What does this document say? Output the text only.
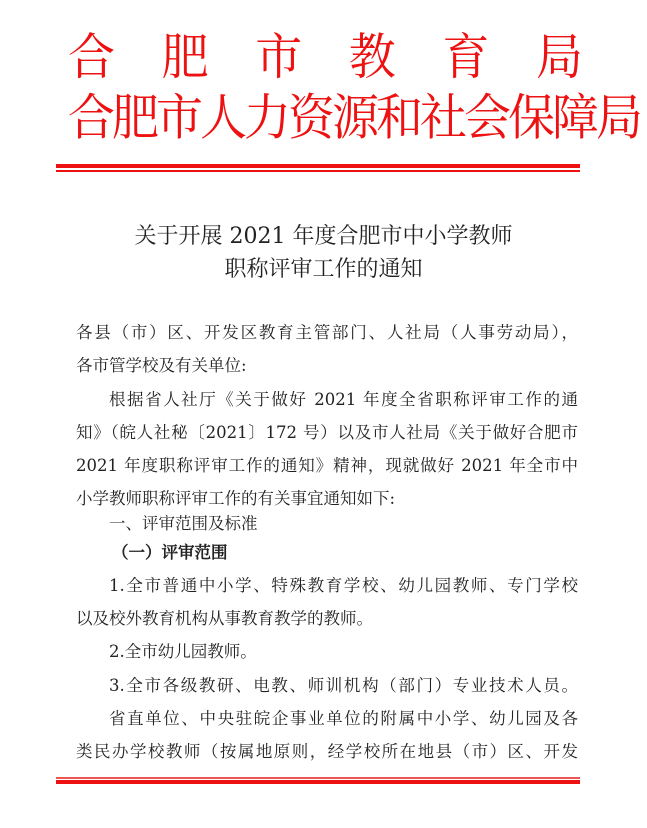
合 肥 市 教 育 局
合
肥
市
人
力
资
源
和
社
会
保
障
局
关于开展 2021 年度合肥市中小学教师
职称评审工作的通知
各县（市）区、开发区教育主管部门、人社局（人事劳动局），
各市管学校及有关单位:
根据省人社厅《关于做好 2021 年度全省职称评审工作的通
知》（皖人社秘〔2021〕172 号）以及市人社局《关于做好合肥市
2021 年度职称评审工作的通知》精神，现就做好 2021 年全市中
小学教师职称评审工作的有关事宜通知如下:
一、评审范围及标准
（一）评审范围
1.全市普通中小学、特殊教育学校、幼儿园教师、专门学校
以及校外教育机构从事教育教学的教师。
2.全市幼儿园教师。
3.全市各级教研、电教、师训机构（部门）专业技术人员。
省直单位、中央驻皖企事业单位的附属中小学、幼儿园及各
类民办学校教师（按属地原则，经学校所在地县（市）区、开发
